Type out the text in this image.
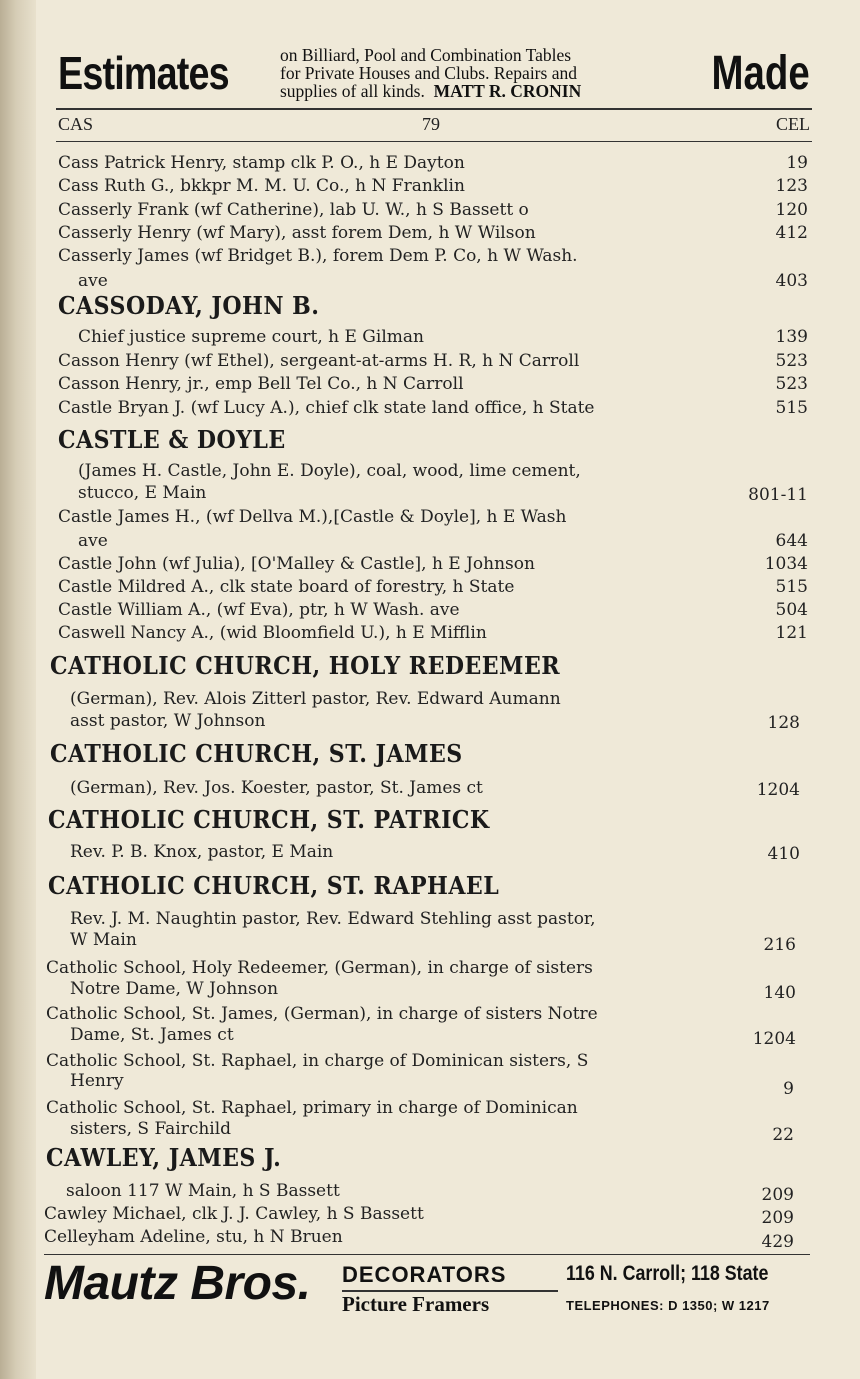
Estimates	on Billiard, Pool and Combination Tables
for Private Houses and Clubs. Repairs and
supplies of all kinds. MATT R. CRONIN	Made
CAS	79	CEL
Cass Patrick Henry, stamp clk P. O., h E Dayton	19
Cass Ruth G., bkkpr M. M. U. Co., h N Franklin	123
Casserly Frank (wf Catherine), lab U. W., h S Bassett o	120
Casserly Henry (wf Mary), asst forem Dem, h W Wilson	412
Casserly James (wf Bridget B.), forem Dem P. Co, h W Wash.
ave	403
CASSODAY, JOHN B.
Chief justice supreme court, h E Gilman	139
Casson Henry (wf Ethel), sergeant-at-arms H. R, h N Carroll	523
Casson Henry, jr., emp Bell Tel Co., h N Carroll	523
Castle Bryan J. (wf Lucy A.), chief clk state land office, h State	515
CASTLE & DOYLE
(James H. Castle, John E. Doyle), coal, wood, lime cement,
stucco, E Main	801-11
Castle James H., (wf Dellva M.),[Castle & Doyle], h E Wash
ave	644
Castle John (wf Julia), [O'Malley & Castle], h E Johnson	1034
Castle Mildred A., clk state board of forestry, h State	515
Castle William A., (wf Eva), ptr, h W Wash. ave	504
Caswell Nancy A., (wid Bloomfield U.), h E Mifflin	121
CATHOLIC CHURCH, HOLY REDEEMER
(German), Rev. Alois Zitterl pastor, Rev. Edward Aumann
asst pastor, W Johnson	128
CATHOLIC CHURCH, ST. JAMES
(German), Rev. Jos. Koester, pastor, St. James ct	1204
CATHOLIC CHURCH, ST. PATRICK
Rev. P. B. Knox, pastor, E Main	410
CATHOLIC CHURCH, ST. RAPHAEL
Rev. J. M. Naughtin pastor, Rev. Edward Stehling asst pastor,
W Main	216
Catholic School, Holy Redeemer, (German), in charge of sisters
Notre Dame, W Johnson	140
Catholic School, St. James, (German), in charge of sisters Notre
Dame, St. James ct	1204
Catholic School, St. Raphael, in charge of Dominican sisters, S
Henry	9
Catholic School, St. Raphael, primary in charge of Dominican
sisters, S Fairchild	22
CAWLEY, JAMES J.
saloon 117 W Main, h S Bassett	209
Cawley Michael, clk J. J. Cawley, h S Bassett	209
Celleyham Adeline, stu, h N Bruen	429
Mautz Bros. DECORATORS	116 N. Carroll; 118 State
Picture Framers	TELEPHONES: D 1350; W 1217
